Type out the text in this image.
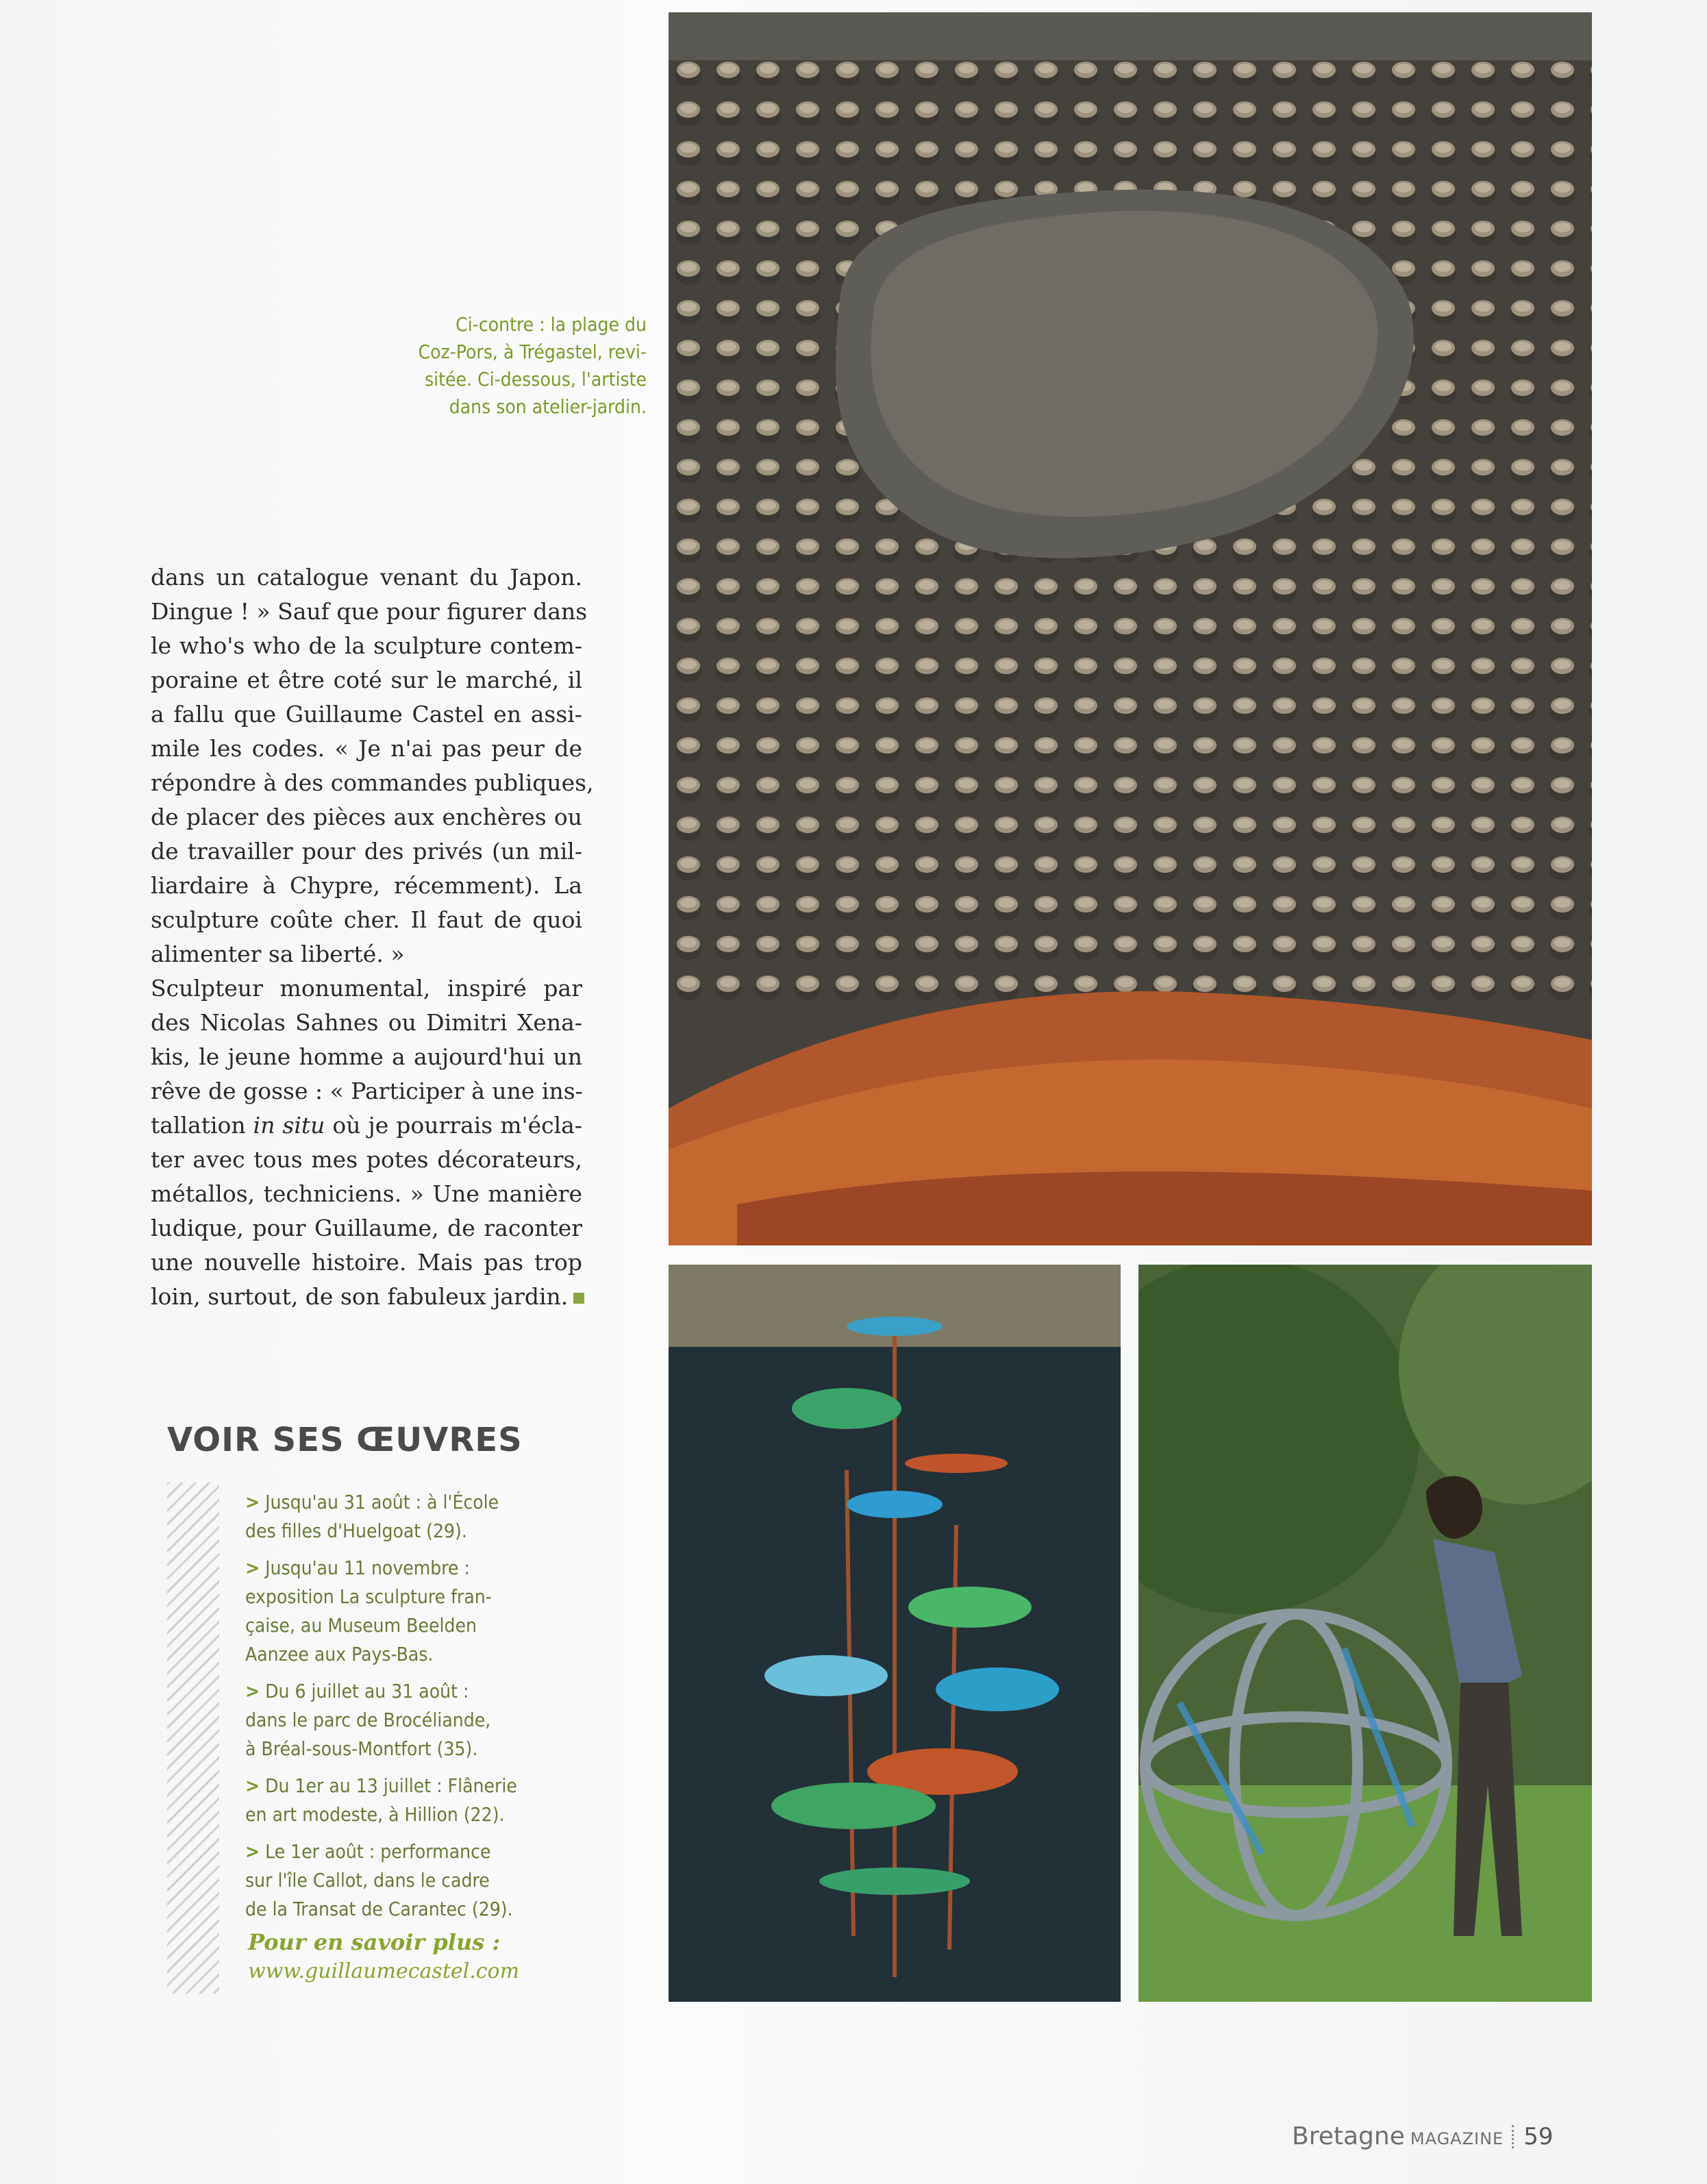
Ci-contre : la plage du
Coz-Pors, à Trégastel, revi-
sitée. Ci-dessous, l'artiste
dans son atelier-jardin.
dans un catalogue venant du Japon.
Dingue ! » Sauf que pour figurer dans
le who's who de la sculpture contem-
poraine et être coté sur le marché, il
a fallu que Guillaume Castel en assi-
mile les codes. « Je n'ai pas peur de
répondre à des commandes publiques,
de placer des pièces aux enchères ou
de travailler pour des privés (un mil-
liardaire à Chypre, récemment). La
sculpture coûte cher. Il faut de quoi
alimenter sa liberté. »
Sculpteur monumental, inspiré par
des Nicolas Sahnes ou Dimitri Xena-
kis, le jeune homme a aujourd'hui un
rêve de gosse : « Participer à une ins-
tallation in situ où je pourrais m'écla-
ter avec tous mes potes décorateurs,
métallos, techniciens. » Une manière
ludique, pour Guillaume, de raconter
une nouvelle histoire. Mais pas trop
loin, surtout, de son fabuleux jardin.
VOIR SES ŒUVRES
> Jusqu'au 31 août : à l'École
des filles d'Huelgoat (29).
> Jusqu'au 11 novembre :
exposition La sculpture fran-
çaise, au Museum Beelden
Aanzee aux Pays-Bas.
> Du 6 juillet au 31 août :
dans le parc de Brocéliande,
à Bréal-sous-Montfort (35).
> Du 1er au 13 juillet : Flânerie
en art modeste, à Hillion (22).
> Le 1er août : performance
sur l'île Callot, dans le cadre
de la Transat de Carantec (29).
Pour en savoir plus :
www.guillaumecastel.com
Bretagne MAGAZINE 59
